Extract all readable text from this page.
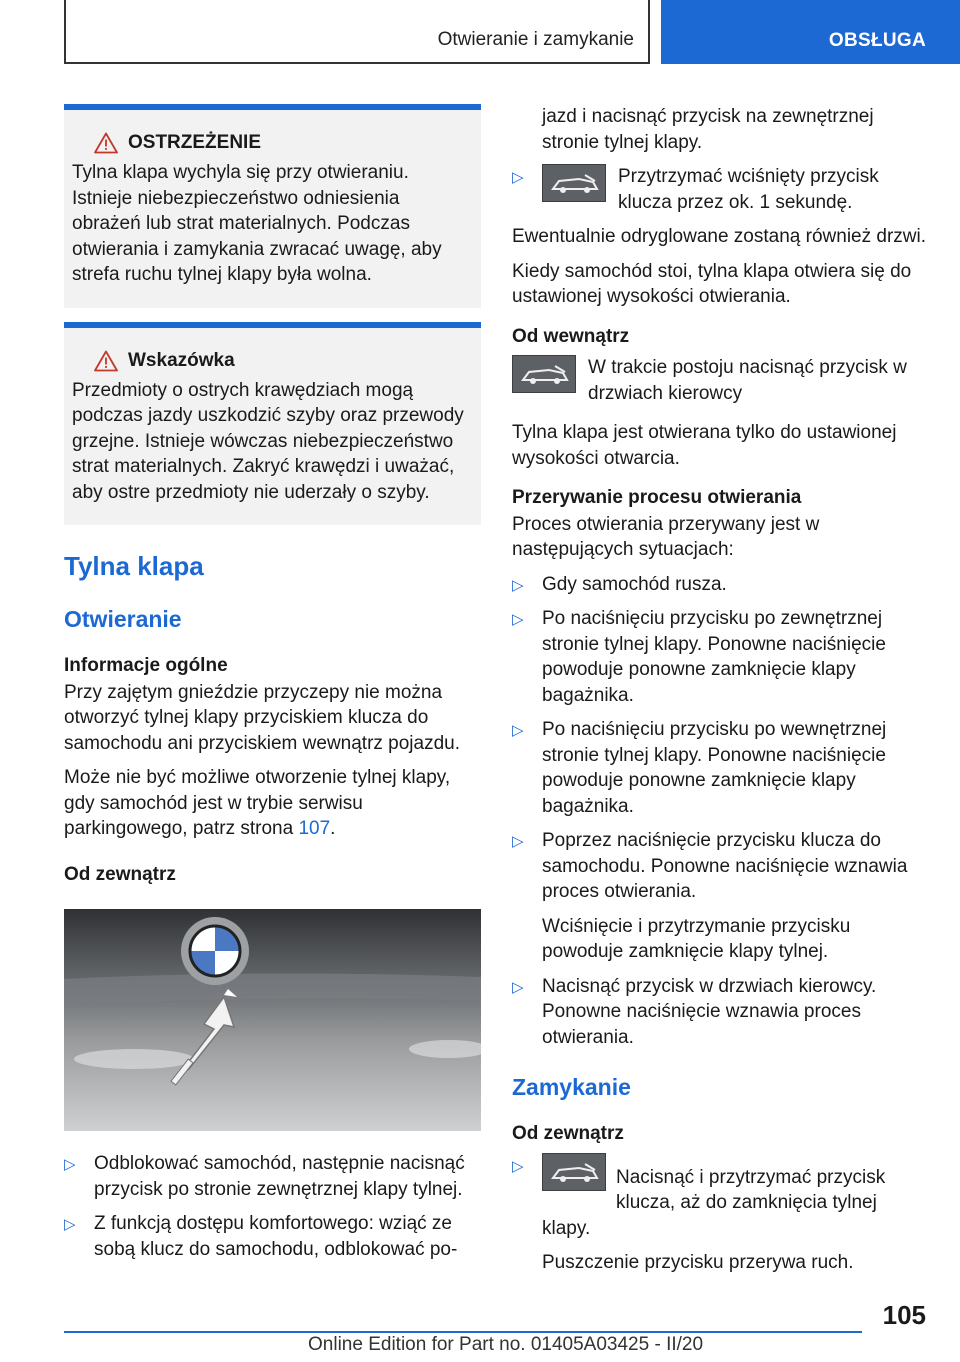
Otwieranie i zamykanie	OBSŁUGA
OSTRZEŻENIE

Tylna klapa wychyla się przy otwieraniu. Istnieje niebezpieczeństwo odniesienia obrażeń lub strat materialnych. Podczas otwierania i zamykania zwracać uwagę, aby strefa ruchu tylnej klapy była wolna.

Wskazówka

Przedmioty o ostrych krawędziach mogą podczas jazdy uszkodzić szyby oraz przewody grzejne. Istnieje wówczas niebezpieczeństwo strat materialnych. Zakryć krawędzi i uważać, aby ostre przedmioty nie uderzały o szyby.

Tylna klapa
Otwieranie
Informacje ogólne

Przy zajętym gnieździe przyczepy nie można otworzyć tylnej klapy przyciskiem klucza do samochodu ani przyciskiem wewnątrz pojazdu.

Może nie być możliwe otworzenie tylnej klapy, gdy samochód jest w trybie serwisu parkingowego, patrz strona 107.

Od zewnątrz
▷ Odblokować samochód, następnie nacisnąć przycisk po stronie zewnętrznej klapy tylnej.
▷ Z funkcją dostępu komfortowego: wziąć ze sobą klucz do samochodu, odblokować po-

jazd i nacisnąć przycisk na zewnętrznej stronie tylnej klapy.

▷	Przytrzymać wciśnięty przycisk klucza przez ok. 1 sekundę.

Ewentualnie odryglowane zostaną również drzwi.

Kiedy samochód stoi, tylna klapa otwiera się do ustawionej wysokości otwierania.

Od wewnątrz
W trakcie postoju nacisnąć przycisk w drzwiach kierowcy

Tylna klapa jest otwierana tylko do ustawionej wysokości otwarcia.

Przerywanie procesu otwierania

Proces otwierania przerywany jest w następujących sytuacjach:

▷ Gdy samochód rusza.
▷ Po naciśnięciu przycisku po zewnętrznej stronie tylnej klapy. Ponowne naciśnięcie powoduje ponowne zamknięcie klapy bagażnika.
▷ Po naciśnięciu przycisku po wewnętrznej stronie tylnej klapy. Ponowne naciśnięcie powoduje ponowne zamknięcie klapy bagażnika.
▷ Poprzez naciśnięcie przycisku klucza do samochodu. Ponowne naciśnięcie wznawia proces otwierania.

Wciśnięcie i przytrzymanie przycisku powoduje zamknięcie klapy tylnej.

▷ Nacisnąć przycisk w drzwiach kierowcy. Ponowne naciśnięcie wznawia proces otwierania.
Zamykanie
Od zewnątrz
▷
Nacisnąć i przytrzymać przycisk klucza, aż do zamknięcia tylnej klapy.

Puszczenie przycisku przerywa ruch.

105
Online Edition for Part no. 01405A03425 - II/20
